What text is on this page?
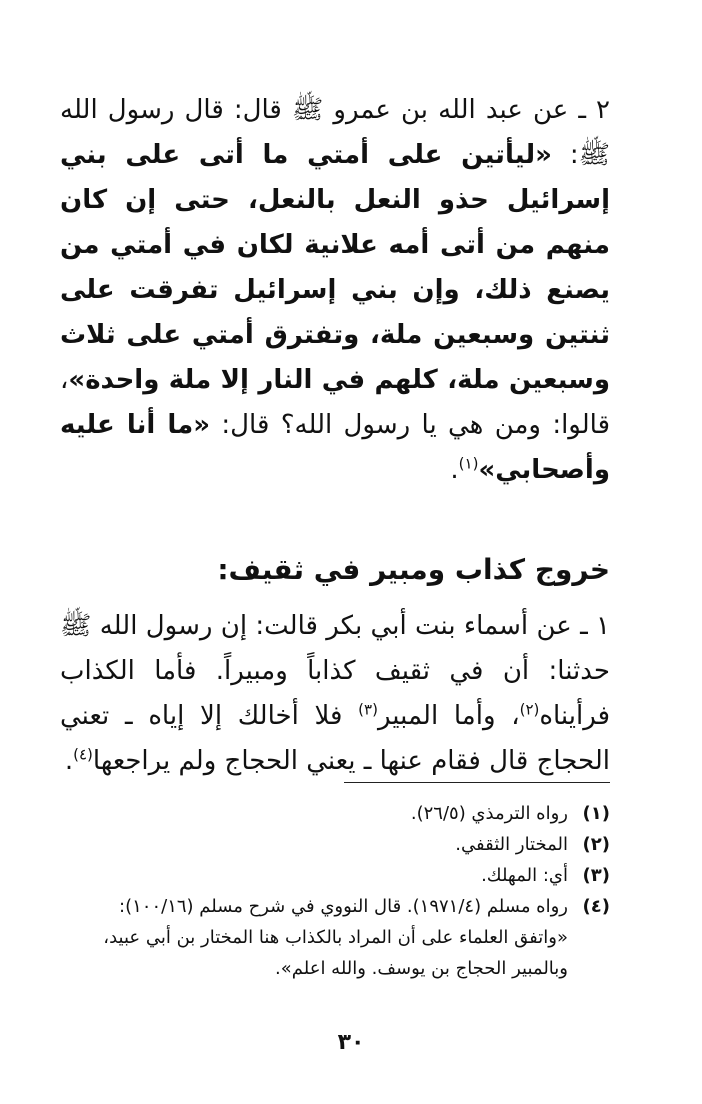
٢ ـ عن عبد الله بن عمرو ﷺ قال: قال رسول الله ﷺ: «ليأتين على أمتي ما أتى على بني إسرائيل حذو النعل بالنعل، حتى إن كان منهم من أتى أمه علانية لكان في أمتي من يصنع ذلك، وإن بني إسرائيل تفرقت على ثنتين وسبعين ملة، وتفترق أمتي على ثلاث وسبعين ملة، كلهم في النار إلا ملة واحدة»، قالوا: ومن هي يا رسول الله؟ قال: «ما أنا عليه وأصحابي»$^{(١)}$.

خروج كذاب ومبير في ثقيف:

١ ـ عن أسماء بنت أبي بكر قالت: إن رسول الله ﷺ حدثنا: أن في ثقيف كذاباً ومبيراً. فأما الكذاب فرأيناه$^{(٢)}$، وأما المبير$^{(٣)}$ فلا أخالك إلا إياه ـ تعني الحجاج قال فقام عنها ـ يعني الحجاج ولم يراجعها$^{(٤)}$.

(١)
رواه الترمذي (٢٦/٥).
(٢)
المختار الثقفي.
(٣)
أي: المهلك.
(٤)
رواه مسلم (١٩٧١/٤). قال النووي في شرح مسلم (١٠٠/١٦): «واتفق العلماء على أن المراد بالكذاب هنا المختار بن أبي عبيد، وبالمبير الحجاج بن يوسف. والله اعلم».
٣٠
